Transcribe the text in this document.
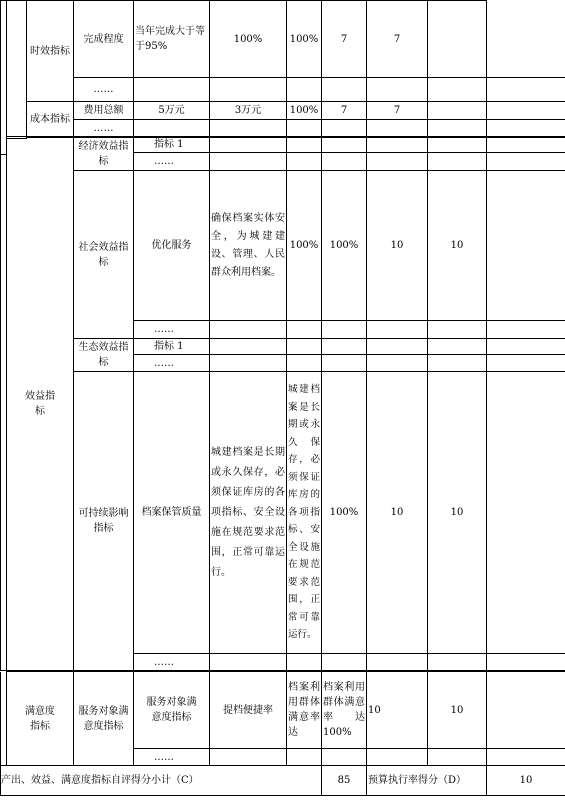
		时效指标	完成程度	当年完成大于等于95%	100%	100%	7	7		
			……							
		成本指标	费用总额	5万元	3万元	100%	7	7		
			……							

	效益指标	经济效益指标	指标 1						
			……						
		社会效益指标	优化服务	确保档案实体安全，为城建建设、管理、人民群众利用档案。	100%	100%	10	10	
			……						
		生态效益指标	指标 1						
			……						
		可持续影响指标	档案保管质量	城建档案是长期或永久保存，必须保证库房的各项指标、安全设施在规范要求范围，正常可靠运行。	城建档案是长期或永久保存，必须保证库房的各项指标、安全设施在规范要求范围，正常可靠运行。	100%	10	10	
			……						
	满意度指标	服务对象满意度指标	服务对象满意度指标	提档便捷率	档案利用群体满意率达	档案利用群体满意率　　达100%	10	10	
			……						
产出、效益、满意度指标自评得分小计（C）						85	预算执行率得分（D）		10
